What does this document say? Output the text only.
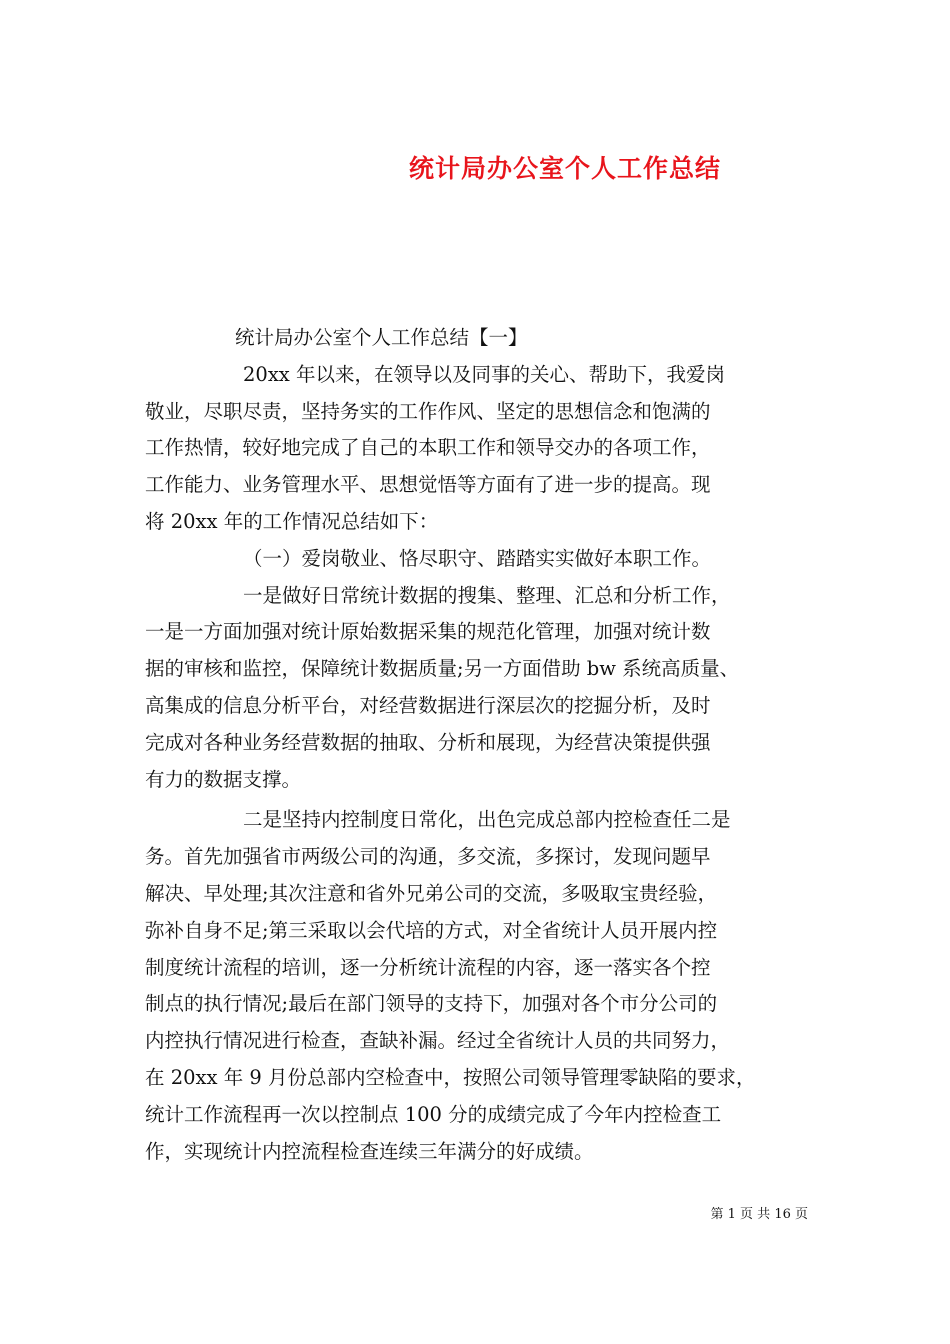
统计局办公室个人工作总结
统计局办公室个人工作总结【一】
20xx 年以来，在领导以及同事的关心、帮助下，我爱岗
敬业，尽职尽责，坚持务实的工作作风、坚定的思想信念和饱满的
工作热情，较好地完成了自己的本职工作和领导交办的各项工作，
工作能力、业务管理水平、思想觉悟等方面有了进一步的提高。现
将 20xx 年的工作情况总结如下：
（一）爱岗敬业、恪尽职守、踏踏实实做好本职工作。
一是做好日常统计数据的搜集、整理、汇总和分析工作，
一是一方面加强对统计原始数据采集的规范化管理，加强对统计数
据的审核和监控，保障统计数据质量;另一方面借助 bw 系统高质量、
高集成的信息分析平台，对经营数据进行深层次的挖掘分析，及时
完成对各种业务经营数据的抽取、分析和展现，为经营决策提供强
有力的数据支撑。
二是坚持内控制度日常化，出色完成总部内控检查任二是
务。首先加强省市两级公司的沟通，多交流，多探讨，发现问题早
解决、早处理;其次注意和省外兄弟公司的交流，多吸取宝贵经验，
弥补自身不足;第三采取以会代培的方式，对全省统计人员开展内控
制度统计流程的培训，逐一分析统计流程的内容，逐一落实各个控
制点的执行情况;最后在部门领导的支持下，加强对各个市分公司的
内控执行情况进行检查，查缺补漏。经过全省统计人员的共同努力，
在 20xx 年 9 月份总部内空检查中，按照公司领导管理零缺陷的要求，
统计工作流程再一次以控制点 100 分的成绩完成了今年内控检查工
作，实现统计内控流程检查连续三年满分的好成绩。
第 1 页 共 16 页
